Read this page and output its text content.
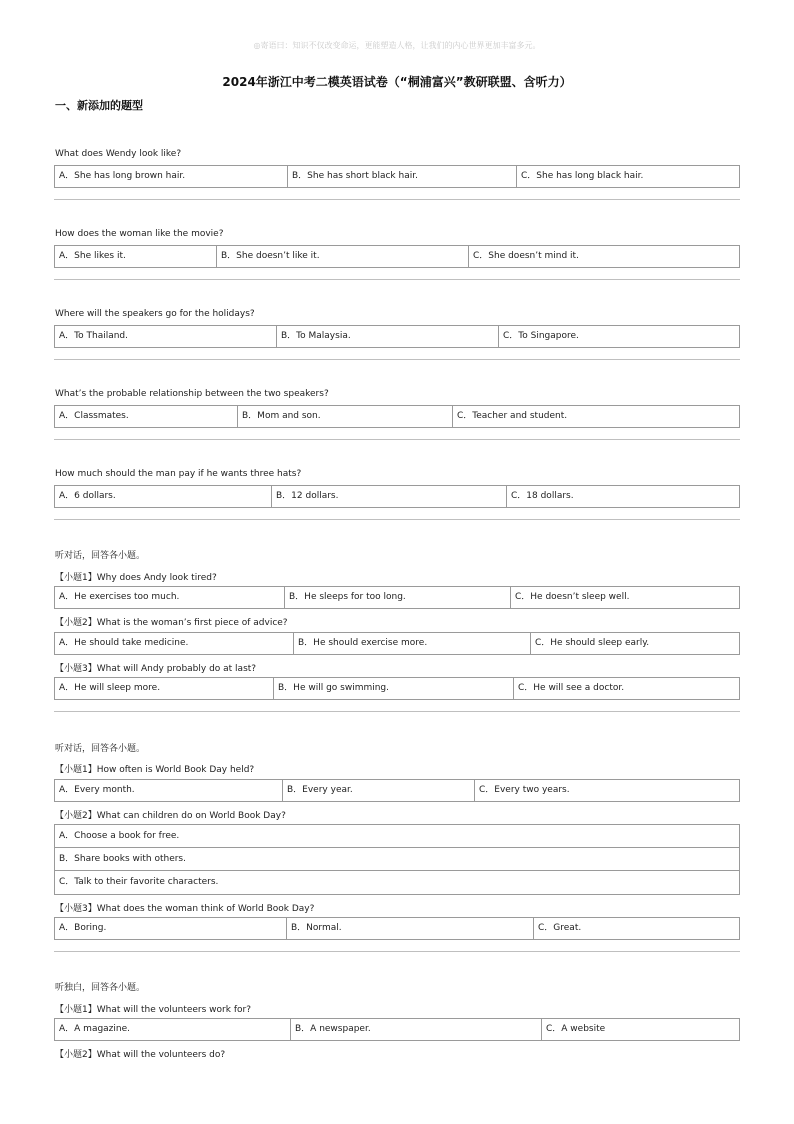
◎寄语曰：知识不仅改变命运，更能塑造人格，让我们的内心世界更加丰富多元。
2024年浙江中考二模英语试卷（“桐浦富兴”教研联盟、含听力）
一、新添加的题型
What does Wendy look like?
A．She has long brown hair.	B．She has short black hair.	C．She has long black hair.
How does the woman like the movie?
A．She likes it.	B．She doesn’t like it.	C．She doesn’t mind it.
Where will the speakers go for the holidays?
A．To Thailand.	B．To Malaysia.	C．To Singapore.
What’s the probable relationship between the two speakers?
A．Classmates.	B．Mom and son.	C．Teacher and student.
How much should the man pay if he wants three hats?
A．6 dollars.	B．12 dollars.	C．18 dollars.
听对话，回答各小题。
【小题1】Why does Andy look tired?
A．He exercises too much.	B．He sleeps for too long.	C．He doesn’t sleep well.
【小题2】What is the woman’s first piece of advice?
A．He should take medicine.	B．He should exercise more.	C．He should sleep early.
【小题3】What will Andy probably do at last?
A．He will sleep more.	B．He will go swimming.	C．He will see a doctor.
听对话，回答各小题。
【小题1】How often is World Book Day held?
A．Every month.	B．Every year.	C．Every two years.
【小题2】What can children do on World Book Day?
A．Choose a book for free.
B．Share books with others.
C．Talk to their favorite characters.
【小题3】What does the woman think of World Book Day?
A．Boring.	B．Normal.	C．Great.
听独白，回答各小题。
【小题1】What will the volunteers work for?
A．A magazine.	B．A newspaper.	C．A website
【小题2】What will the volunteers do?
